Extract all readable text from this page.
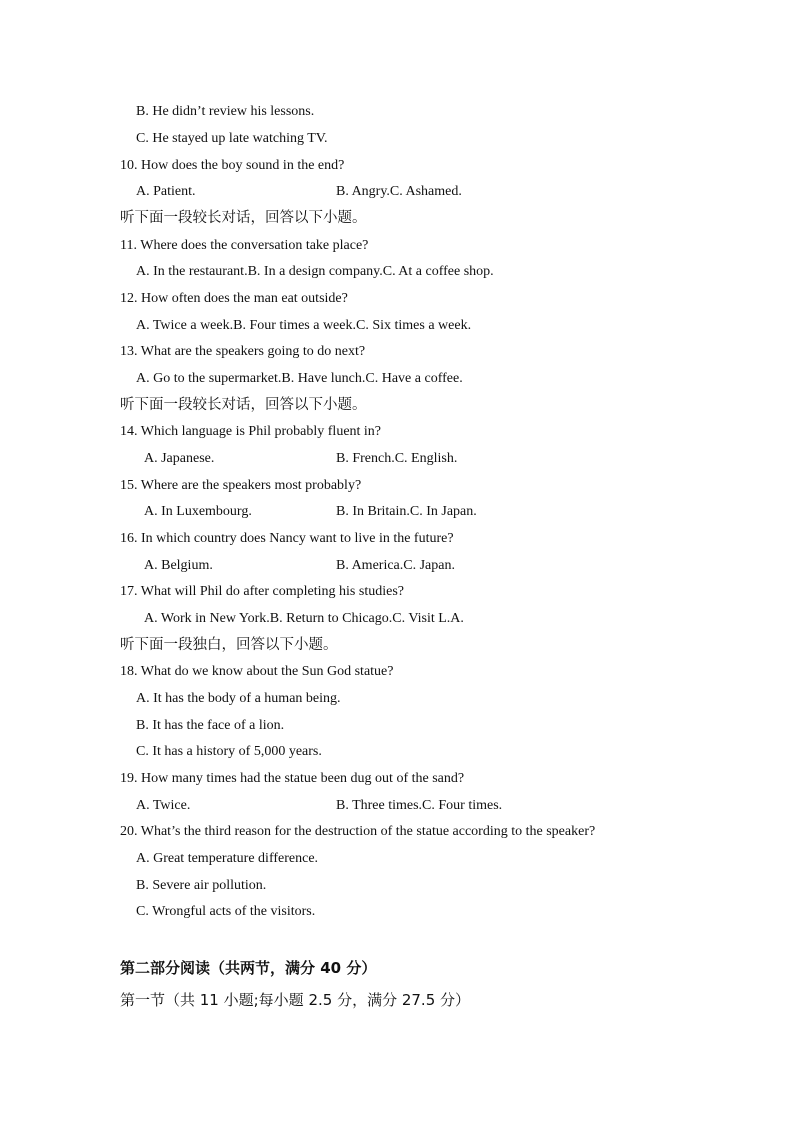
B. He didn’t review his lessons.
C. He stayed up late watching TV.
10. How does the boy sound in the end?
A. Patient.	B. Angry.C. Ashamed.
听下面一段较长对话，回答以下小题。
11. Where does the conversation take place?
A. In the restaurant.B. In a design company.C. At a coffee shop.
12. How often does the man eat outside?
A. Twice a week.B. Four times a week.C. Six times a week.
13. What are the speakers going to do next?
A. Go to the supermarket.B. Have lunch.C. Have a coffee.
听下面一段较长对话，回答以下小题。
14. Which language is Phil probably fluent in?
A. Japanese.	B. French.C. English.
15. Where are the speakers most probably?
A. In Luxembourg.	B. In Britain.C. In Japan.
16. In which country does Nancy want to live in the future?
A. Belgium.	B. America.C. Japan.
17. What will Phil do after completing his studies?
A. Work in New York.B. Return to Chicago.C. Visit L.A.
听下面一段独白，回答以下小题。
18. What do we know about the Sun God statue?
A. It has the body of a human being.
B. It has the face of a lion.
C. It has a history of 5,000 years.
19. How many times had the statue been dug out of the sand?
A. Twice.	B. Three times.C. Four times.
20. What’s the third reason for the destruction of the statue according to the speaker?
A. Great temperature difference.
B. Severe air pollution.
C. Wrongful acts of the visitors.
第二部分阅读（共两节，满分 40 分）
第一节（共 11 小题;每小题 2.5 分，满分 27.5 分）
